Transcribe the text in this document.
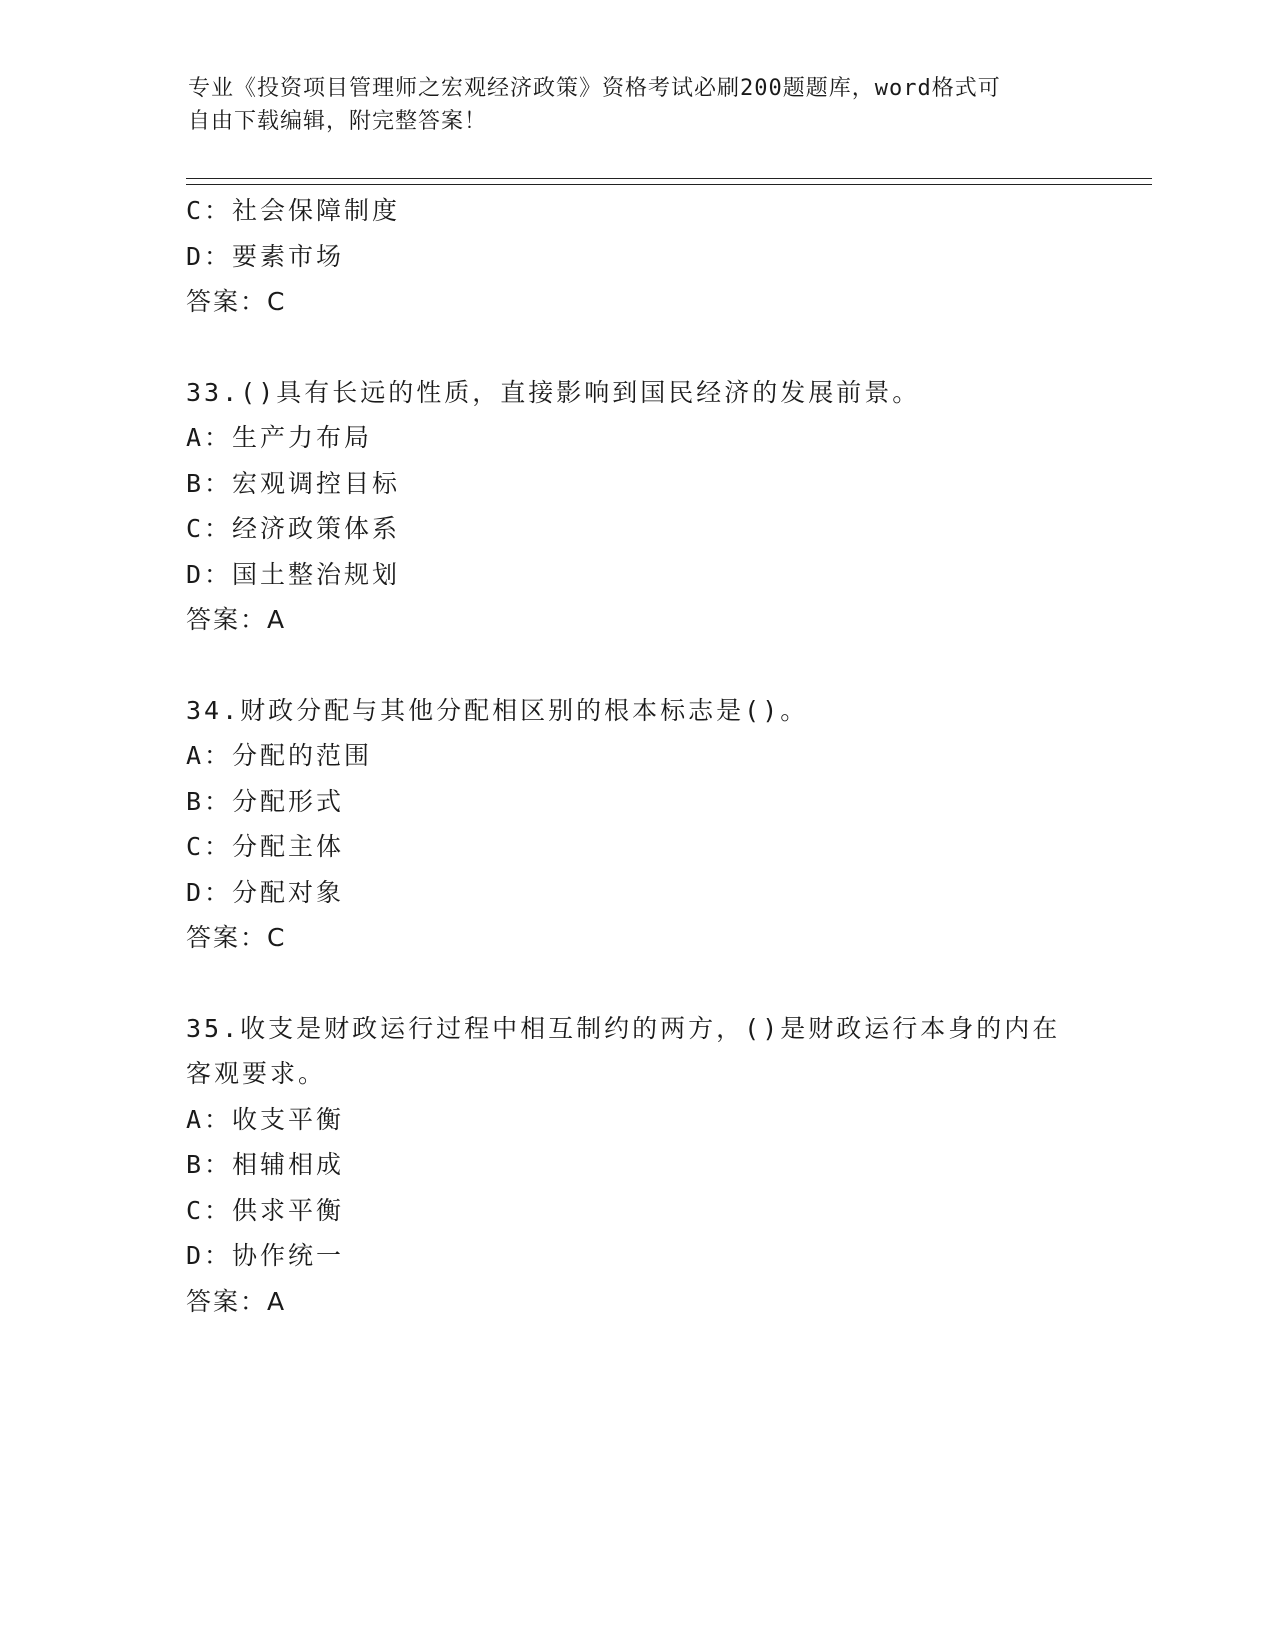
专业《投资项目管理师之宏观经济政策》资格考试必刷200题题库，word格式可
自由下载编辑，附完整答案！
C：社会保障制度
D：要素市场
答案：C
33.()具有长远的性质，直接影响到国民经济的发展前景。
A：生产力布局
B：宏观调控目标
C：经济政策体系
D：国土整治规划
答案：A
34.财政分配与其他分配相区别的根本标志是()。
A：分配的范围
B：分配形式
C：分配主体
D：分配对象
答案：C
35.收支是财政运行过程中相互制约的两方，()是财政运行本身的内在
客观要求。
A：收支平衡
B：相辅相成
C：供求平衡
D：协作统一
答案：A
